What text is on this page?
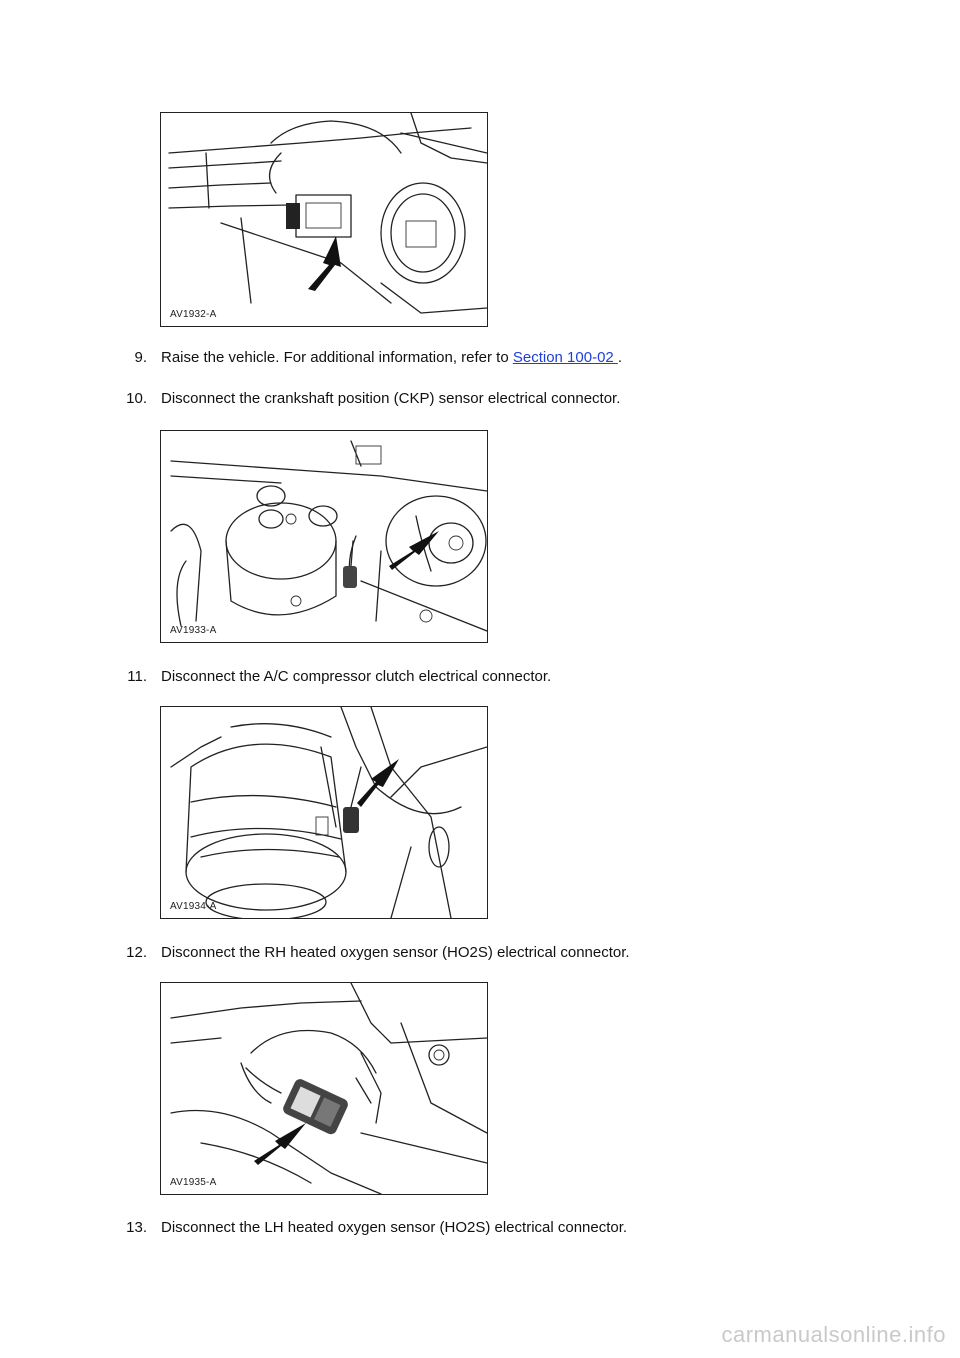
AV1932-A
9. Raise the vehicle. For additional information, refer to Section 100-02 .
10. Disconnect the crankshaft position (CKP) sensor electrical connector.
AV1933-A
11. Disconnect the A/C compressor clutch electrical connector.
AV1934-A
12. Disconnect the RH heated oxygen sensor (HO2S) electrical connector.
AV1935-A
13. Disconnect the LH heated oxygen sensor (HO2S) electrical connector.
carmanualsonline.info
